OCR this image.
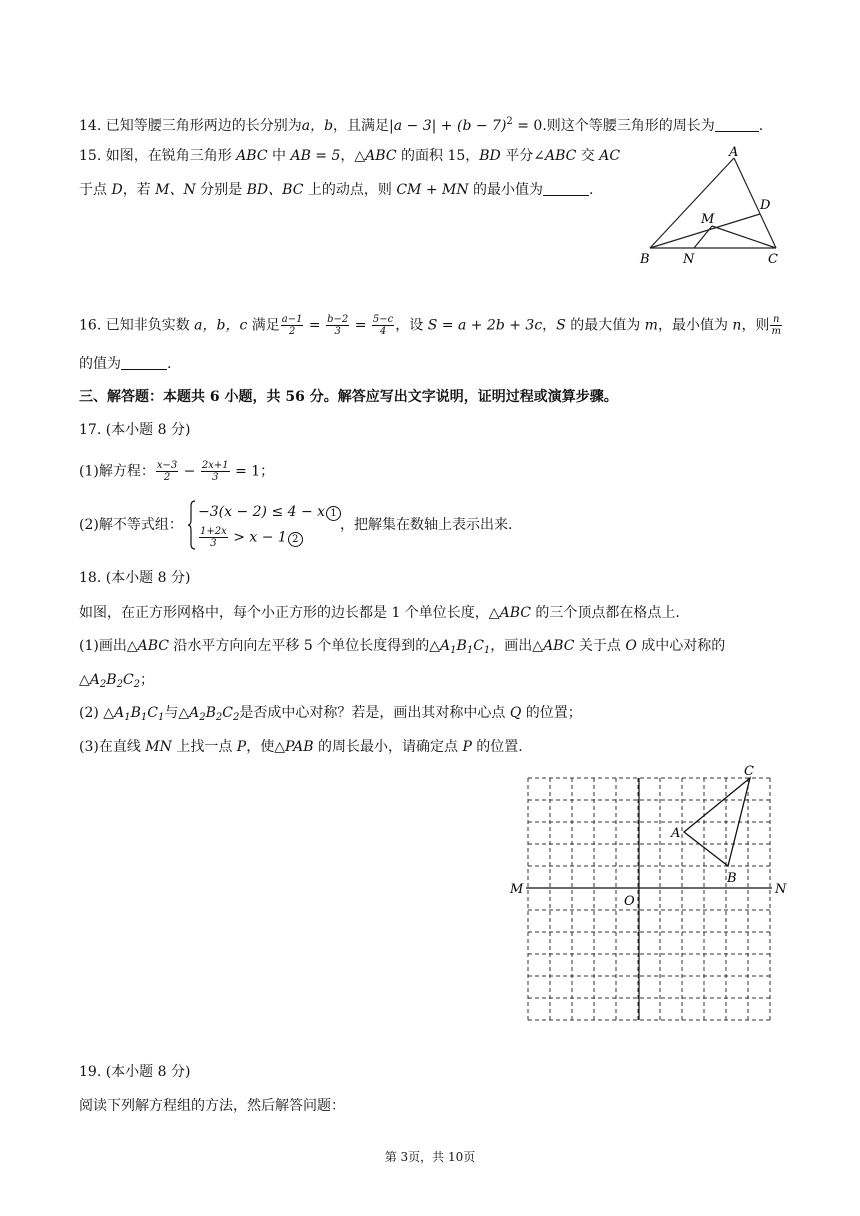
14. 已知等腰三角形两边的长分别为a，b，且满足$|a - 3| + (b - 7)^2 = 0$.则这个等腰三角形的周长为	.
15. 如图，在锐角三角形 ABC 中 AB = 5，△ABC 的面积 15，BD 平分∠ABC 交 AC
于点 D，若 M、N 分别是 BD、BC 上的动点，则 CM + MN 的最小值为	.
A
B	C
D
M
N
16. 已知非负实数 a，b，c 满足 $\frac{a-1}{2} = \frac{b-2}{3} = \frac{5-c}{4}$ ，设 S = a + 2b + 3c，S 的最大值为 m，最小值为 n，则 $\frac{n}{m}$
的值为	.
三、解答题：本题共 6 小题，共 56 分。解答应写出文字说明，证明过程或演算步骤。
17. (本小题 8 分)
(1)解方程： $\frac{x-3}{2} - \frac{2x+1}{3} = 1$；
(2)解不等式组：
−3(x − 2) ≤ 4 − x 1
$\frac{1+2x}{3} > x - 1$ 2
，把解集在数轴上表示出来.
18. (本小题 8 分)
如图，在正方形网格中，每个小正方形的边长都是 1 个单位长度，△ABC 的三个顶点都在格点上.
(1)画出△ABC 沿水平方向向左平移 5 个单位长度得到的$\triangle A_1B_1C_1$，画出△ABC 关于点 O 成中心对称的
$\triangle A_2B_2C_2$；
(2) $\triangle A_1B_1C_1$与$\triangle A_2B_2C_2$是否成中心对称？若是，画出其对称中心点 Q 的位置；
(3)在直线 MN 上找一点 P，使△PAB 的周长最小，请确定点 P 的位置.
A
B
C
M	N
O
19. (本小题 8 分)
阅读下列解方程组的方法，然后解答问题：
第 3页，共 10页
